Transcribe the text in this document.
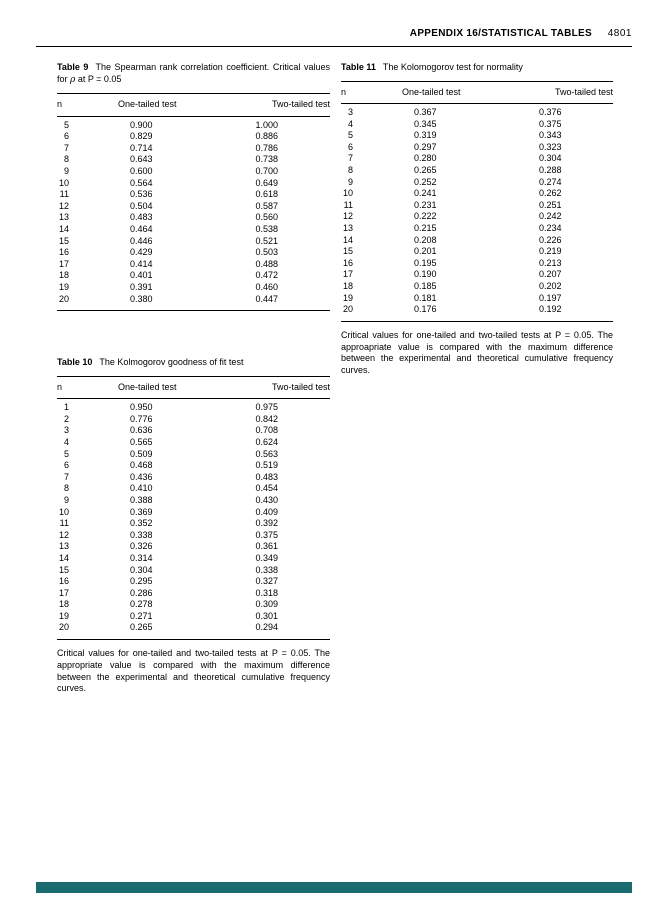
APPENDIX 16/STATISTICAL TABLES 4801

Table 9 The Spearman rank correlation coefficient. Critical values for ρ at P = 0.05

n	One-tailed test	Two-tailed test
5	0.900	1.000
6	0.829	0.886
7	0.714	0.786
8	0.643	0.738
9	0.600	0.700
10	0.564	0.649
11	0.536	0.618
12	0.504	0.587
13	0.483	0.560
14	0.464	0.538
15	0.446	0.521
16	0.429	0.503
17	0.414	0.488
18	0.401	0.472
19	0.391	0.460
20	0.380	0.447

Table 10 The Kolmogorov goodness of fit test

n	One-tailed test	Two-tailed test
1	0.950	0.975
2	0.776	0.842
3	0.636	0.708
4	0.565	0.624
5	0.509	0.563
6	0.468	0.519
7	0.436	0.483
8	0.410	0.454
9	0.388	0.430
10	0.369	0.409
11	0.352	0.392
12	0.338	0.375
13	0.326	0.361
14	0.314	0.349
15	0.304	0.338
16	0.295	0.327
17	0.286	0.318
18	0.278	0.309
19	0.271	0.301
20	0.265	0.294

Critical values for one-tailed and two-tailed tests at P = 0.05. The appropriate value is compared with the maximum difference between the experimental and theoretical cumulative frequency curves.

Table 11 The Kolomogorov test for normality

n	One-tailed test	Two-tailed test
3	0.367	0.376
4	0.345	0.375
5	0.319	0.343
6	0.297	0.323
7	0.280	0.304
8	0.265	0.288
9	0.252	0.274
10	0.241	0.262
11	0.231	0.251
12	0.222	0.242
13	0.215	0.234
14	0.208	0.226
15	0.201	0.219
16	0.195	0.213
17	0.190	0.207
18	0.185	0.202
19	0.181	0.197
20	0.176	0.192

Critical values for one-tailed and two-tailed tests at P = 0.05. The approapriate value is compared with the maximum difference between the experimental and theoretical cumulative frequency curves.
